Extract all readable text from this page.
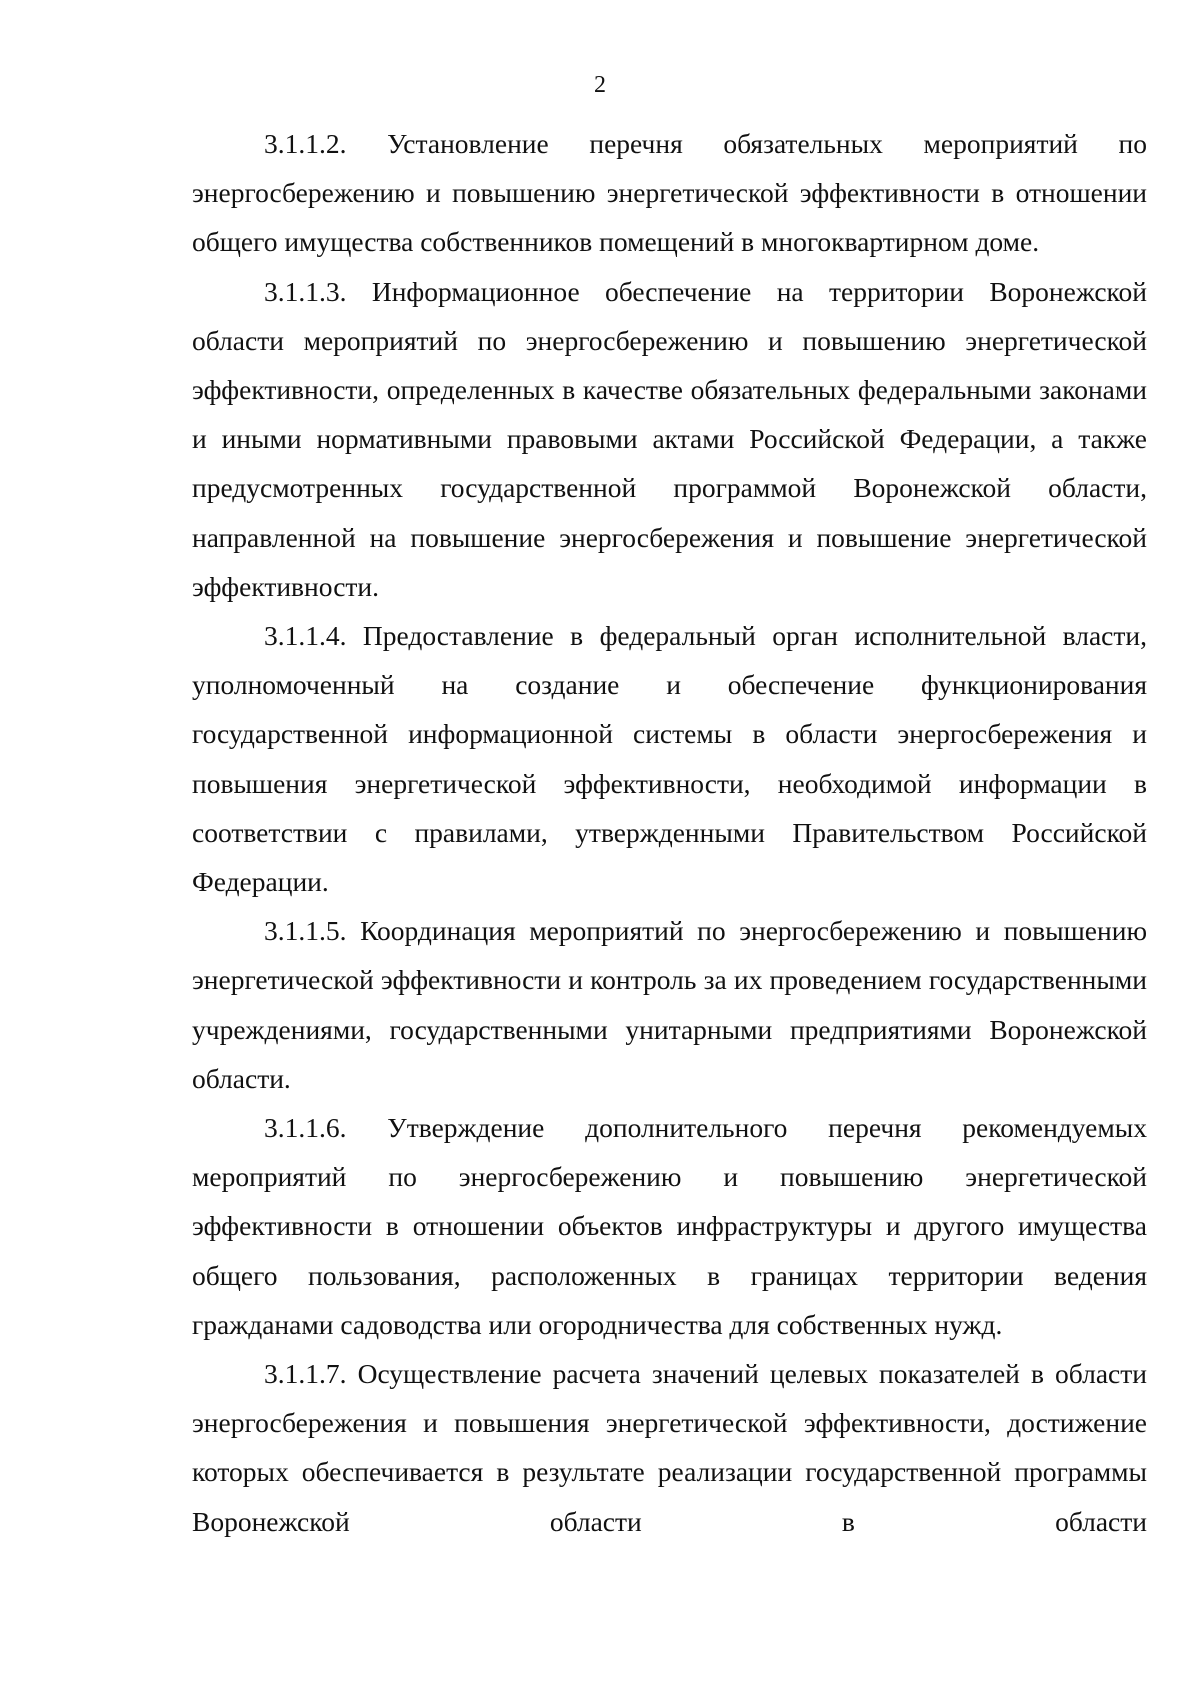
2

3.1.1.2. Установление перечня обязательных мероприятий по энергосбережению и повышению энергетической эффективности в отношении общего имущества собственников помещений в многоквартирном доме.

3.1.1.3. Информационное обеспечение на территории Воронежской области мероприятий по энергосбережению и повышению энергетической эффективности, определенных в качестве обязательных федеральными законами и иными нормативными правовыми актами Российской Федерации, а также предусмотренных государственной программой Воронежской области, направленной на повышение энергосбережения и повышение энергетической эффективности.

3.1.1.4. Предоставление в федеральный орган исполнительной власти, уполномоченный на создание и обеспечение функционирования государственной информационной системы в области энергосбережения и повышения энергетической эффективности, необходимой информации в соответствии с правилами, утвержденными Правительством Российской Федерации.

3.1.1.5. Координация мероприятий по энергосбережению и повышению энергетической эффективности и контроль за их проведением государственными учреждениями, государственными унитарными предприятиями Воронежской области.

3.1.1.6. Утверждение дополнительного перечня рекомендуемых мероприятий по энергосбережению и повышению энергетической эффективности в отношении объектов инфраструктуры и другого имущества общего пользования, расположенных в границах территории ведения гражданами садоводства или огородничества для собственных нужд.

3.1.1.7. Осуществление расчета значений целевых показателей в области энергосбережения и повышения энергетической эффективности, достижение которых обеспечивается в результате реализации государственной программы Воронежской области в области
